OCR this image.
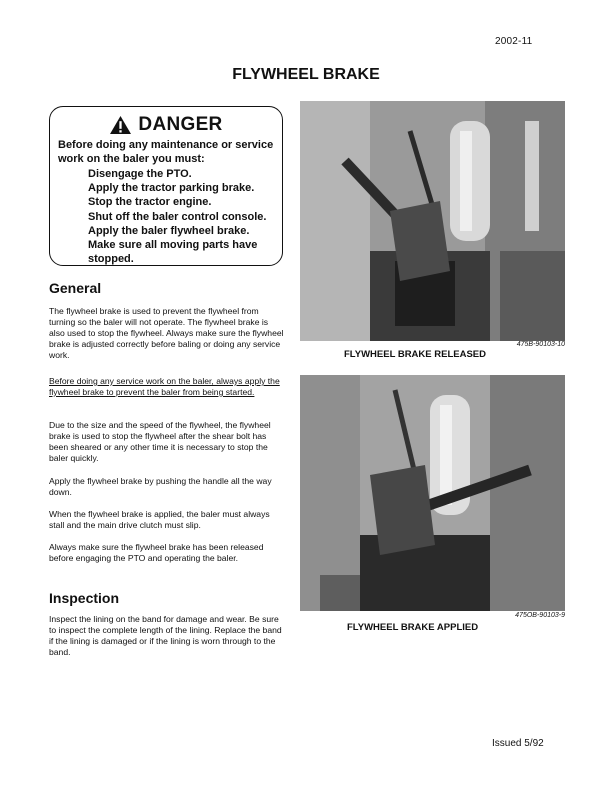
2002-11
FLYWHEEL BRAKE
DANGER
Before doing any maintenance or service work on the baler you must:
Disengage the PTO.
Apply the tractor parking brake.
Stop the tractor engine.
Shut off the baler control console.
Apply the baler flywheel brake.
Make sure all moving parts have stopped.
General

The flywheel brake is used to prevent the flywheel from turning so the baler will not operate. The flywheel brake is also used to stop the flywheel. Always make sure the flywheel brake is adjusted correctly before baling or doing any service work.

Before doing any service work on the baler, always apply the flywheel brake to prevent the baler from being started.

Due to the size and the speed of the flywheel, the flywheel brake is used to stop the flywheel after the shear bolt has been sheared or any other time it is necessary to stop the baler quickly.

Apply the flywheel brake by pushing the handle all the way down.

When the flywheel brake is applied, the baler must always stall and the main drive clutch must slip.

Always make sure the flywheel brake has been released before engaging the PTO and operating the baler.

Inspection

Inspect the lining on the band for damage and wear. Be sure to inspect the complete length of the lining. Replace the band if the lining is damaged or if the lining is worn through to the band.

475B-90103-10
FLYWHEEL BRAKE RELEASED
475OB-90103-9
FLYWHEEL BRAKE APPLIED
Issued 5/92
